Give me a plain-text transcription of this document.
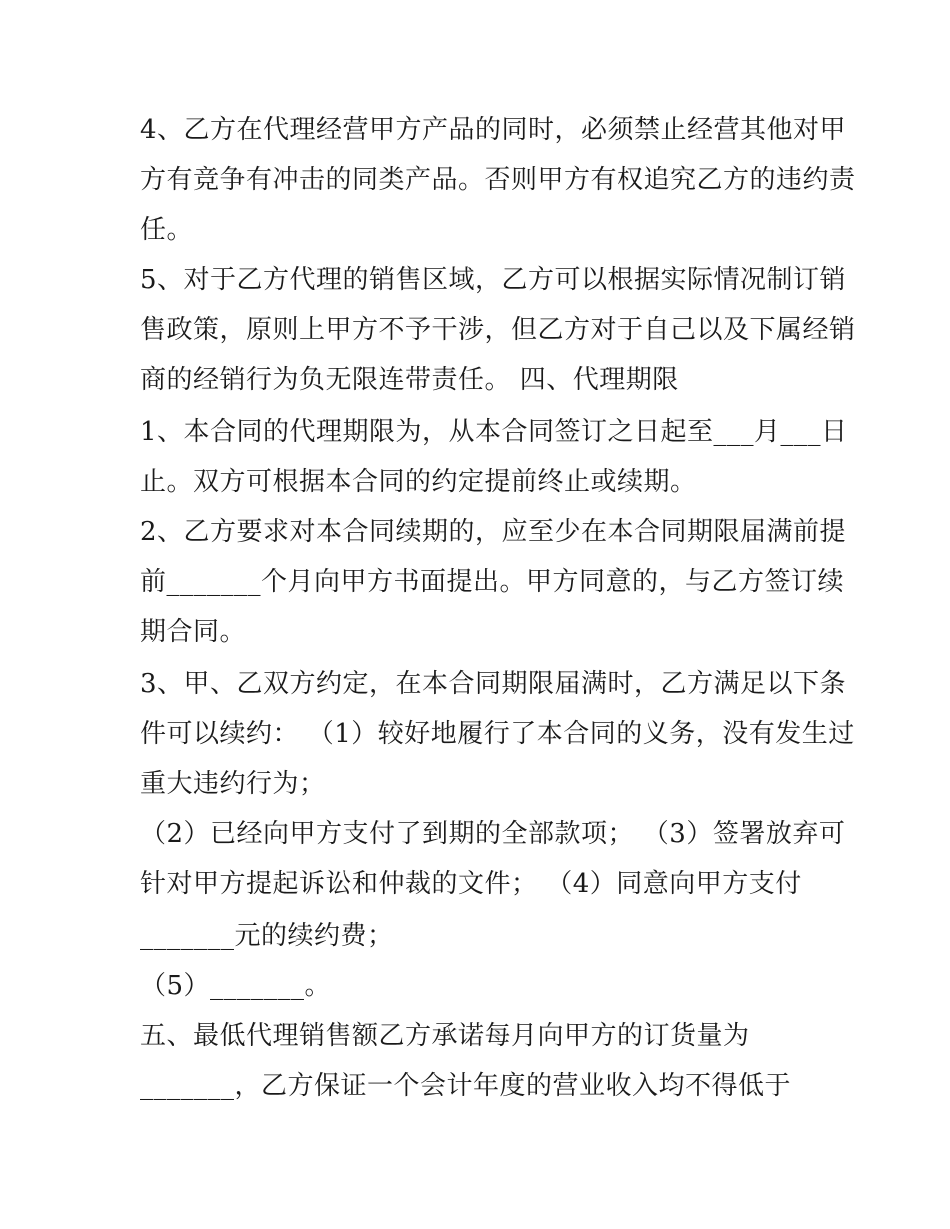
4、乙方在代理经营甲方产品的同时，必须禁止经营其他对甲
方有竞争有冲击的同类产品。否则甲方有权追究乙方的违约责
任。
5、对于乙方代理的销售区域，乙方可以根据实际情况制订销
售政策，原则上甲方不予干涉，但乙方对于自己以及下属经销
商的经销行为负无限连带责任。 四、代理期限
1、本合同的代理期限为，从本合同签订之日起至___月___日
止。双方可根据本合同的约定提前终止或续期。
2、乙方要求对本合同续期的，应至少在本合同期限届满前提
前_______个月向甲方书面提出。甲方同意的，与乙方签订续
期合同。
3、甲、乙双方约定，在本合同期限届满时，乙方满足以下条
件可以续约： （1）较好地履行了本合同的义务，没有发生过
重大违约行为；
（2）已经向甲方支付了到期的全部款项； （3）签署放弃可
针对甲方提起诉讼和仲裁的文件； （4）同意向甲方支付
_______元的续约费；
（5）_______。
五、最低代理销售额乙方承诺每月向甲方的订货量为
_______，乙方保证一个会计年度的营业收入均不得低于
